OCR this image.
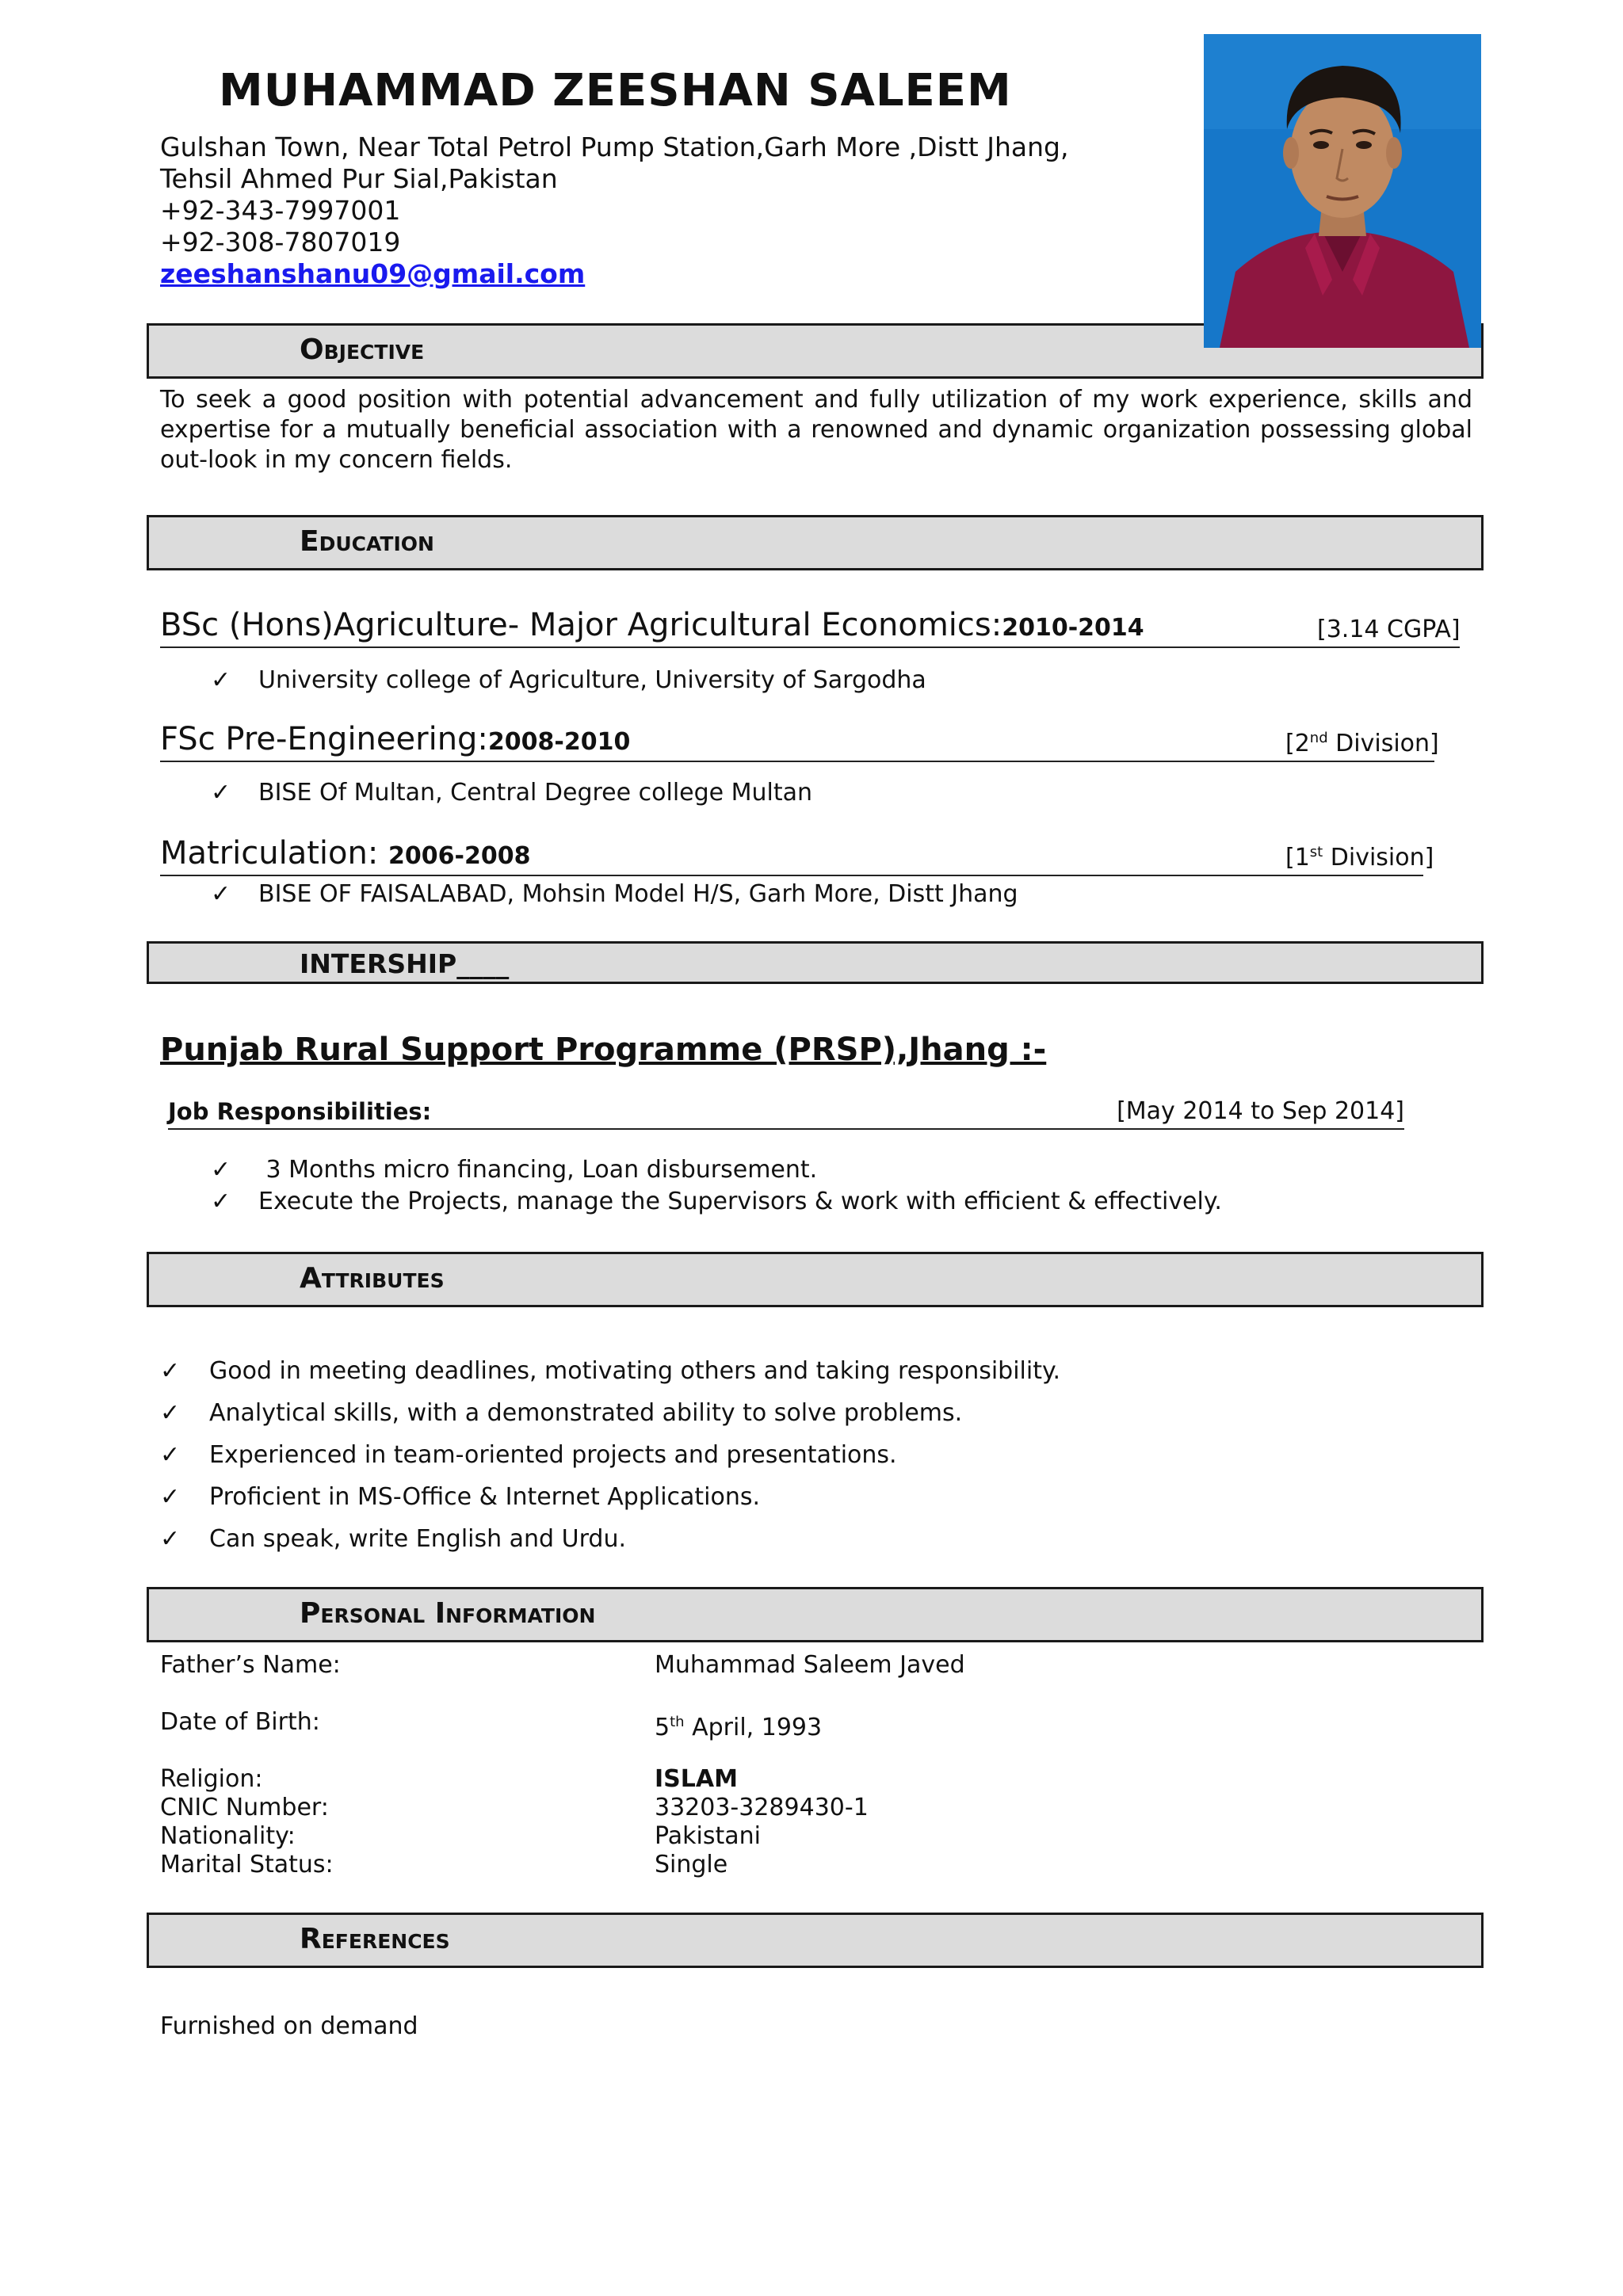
MUHAMMAD ZEESHAN SALEEM
Gulshan Town, Near Total Petrol Pump Station,Garh More ,Distt Jhang,
Tehsil Ahmed Pur Sial,Pakistan
+92-343-7997001
+92-308-7807019
zeeshanshanu09@gmail.com
Objective
To seek a good position with potential advancement and fully utilization of my work experience, skills and expertise for a mutually beneficial association with a renowned and dynamic organization possessing global out-look in my concern fields.
Education
BSc (Hons)Agriculture- Major Agricultural Economics:2010-2014	[3.14 CGPA]
✓ University college of Agriculture, University of Sargodha
FSc Pre-Engineering:2008-2010	[2nd Division]
✓ BISE Of Multan, Central Degree college Multan
Matriculation: 2006-2008	[1st Division]
✓ BISE OF FAISALABAD, Mohsin Model H/S, Garh More, Distt Jhang
INTERSHIP____
Punjab Rural Support Programme (PRSP),Jhang :-
Job Responsibilities:	[May 2014 to Sep 2014]
✓ 3 Months micro financing, Loan disbursement.
✓ Execute the Projects, manage the Supervisors & work with efficient & effectively.
Attributes
✓ Good in meeting deadlines, motivating others and taking responsibility.
✓ Analytical skills, with a demonstrated ability to solve problems.
✓ Experienced in team-oriented projects and presentations.
✓ Proficient in MS-Office & Internet Applications.
✓ Can speak, write English and Urdu.
Personal Information
Father’s Name:	Muhammad Saleem Javed
Date of Birth:	5th April, 1993
Religion:	ISLAM
CNIC Number:	33203-3289430-1
Nationality:	Pakistani
Marital Status:	Single
References
Furnished on demand
